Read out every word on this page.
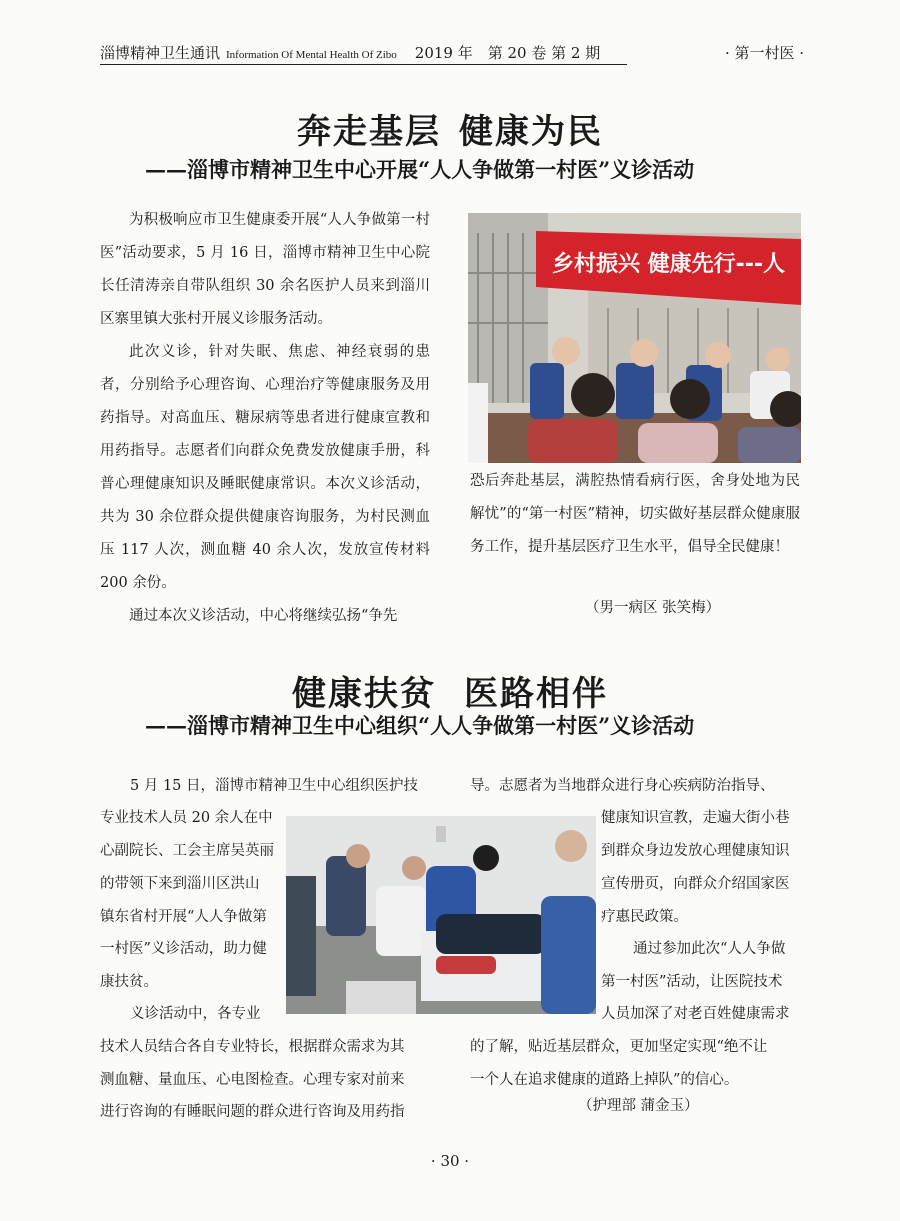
淄博精神卫生通讯 Information Of Mental Health Of Zibo 2019 年　第 20 卷 第 2 期	· 第一村医 ·
奔走基层 健康为民
——淄博市精神卫生中心开展“人人争做第一村医”义诊活动

为积极响应市卫生健康委开展“人人争做第一村医”活动要求，5 月 16 日，淄博市精神卫生中心院长任清涛亲自带队组织 30 余名医护人员来到淄川区寨里镇大张村开展义诊服务活动。

此次义诊，针对失眠、焦虑、神经衰弱的患者，分别给予心理咨询、心理治疗等健康服务及用药指导。对高血压、糖尿病等患者进行健康宣教和用药指导。志愿者们向群众免费发放健康手册，科普心理健康知识及睡眠健康常识。本次义诊活动，共为 30 余位群众提供健康咨询服务，为村民测血压 117 人次，测血糖 40 余人次，发放宣传材料 200 余份。

通过本次义诊活动，中心将继续弘扬“争先

乡村振兴 健康先行---人

恐后奔赴基层，满腔热情看病行医，舍身处地为民解忧”的“第一村医”精神，切实做好基层群众健康服务工作，提升基层医疗卫生水平，倡导全民健康！

（男一病区 张笑梅）
健康扶贫 医路相伴
——淄博市精神卫生中心组织“人人争做第一村医”义诊活动
5 月 15 日，淄博市精神卫生中心组织医护技
专业技术人员 20 余人在中
心副院长、工会主席吴英丽
的带领下来到淄川区洪山
镇东省村开展“人人争做第
一村医”义诊活动，助力健
康扶贫。
义诊活动中，各专业
技术人员结合各自专业特长，根据群众需求为其
测血糖、量血压、心电图检查。心理专家对前来
进行咨询的有睡眠问题的群众进行咨询及用药指
导。志愿者为当地群众进行身心疾病防治指导、
健康知识宣教，走遍大街小巷
到群众身边发放心理健康知识
宣传册页，向群众介绍国家医
疗惠民政策。
通过参加此次“人人争做
第一村医”活动，让医院技术
人员加深了对老百姓健康需求
的了解，贴近基层群众，更加坚定实现“绝不让
一个人在追求健康的道路上掉队”的信心。
（护理部 蒲金玉）
· 30 ·
